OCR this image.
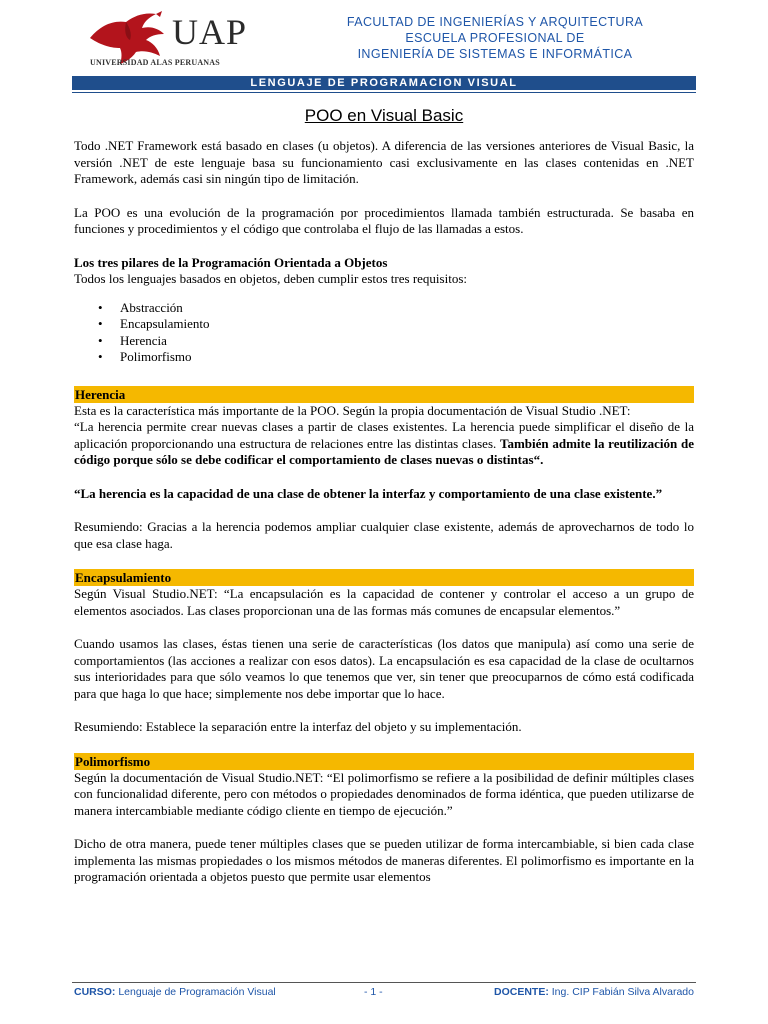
UAP
UNIVERSIDAD ALAS PERUANAS
FACULTAD DE INGENIERÍAS Y ARQUITECTURA
ESCUELA PROFESIONAL DE
INGENIERÍA DE SISTEMAS E INFORMÁTICA
LENGUAJE DE PROGRAMACION VISUAL
POO en Visual Basic

Todo .NET Framework está basado en clases (u objetos). A diferencia de las versiones anteriores de Visual Basic, la versión .NET de este lenguaje basa su funcionamiento casi exclusivamente en las clases contenidas en .NET Framework, además casi sin ningún tipo de limitación.

La POO es una evolución de la programación por procedimientos llamada también estructurada. Se basaba en funciones y procedimientos y el código que controlaba el flujo de las llamadas a estos.

Los tres pilares de la Programación Orientada a Objetos

Todos los lenguajes basados en objetos, deben cumplir estos tres requisitos:

• Abstracción
• Encapsulamiento
• Herencia
• Polimorfismo

Herencia

Esta es la característica más importante de la POO. Según la propia documentación de Visual Studio .NET:

“La herencia permite crear nuevas clases a partir de clases existentes. La herencia puede simplificar el diseño de la aplicación proporcionando una estructura de relaciones entre las distintas clases. También admite la reutilización de código porque sólo se debe codificar el comportamiento de clases nuevas o distintas“.

“La herencia es la capacidad de una clase de obtener la interfaz y comportamiento de una clase existente.”

Resumiendo: Gracias a la herencia podemos ampliar cualquier clase existente, además de aprovecharnos de todo lo que esa clase haga.

Encapsulamiento

Según Visual Studio.NET: “La encapsulación es la capacidad de contener y controlar el acceso a un grupo de elementos asociados. Las clases proporcionan una de las formas más comunes de encapsular elementos.”

Cuando usamos las clases, éstas tienen una serie de características (los datos que manipula) así como una serie de comportamientos (las acciones a realizar con esos datos). La encapsulación es esa capacidad de la clase de ocultarnos sus interioridades para que sólo veamos lo que tenemos que ver, sin tener que preocuparnos de cómo está codificada para que haga lo que hace; simplemente nos debe importar que lo hace.

Resumiendo: Establece la separación entre la interfaz del objeto y su implementación.

Polimorfismo

Según la documentación de Visual Studio.NET: “El polimorfismo se refiere a la posibilidad de definir múltiples clases con funcionalidad diferente, pero con métodos o propiedades denominados de forma idéntica, que pueden utilizarse de manera intercambiable mediante código cliente en tiempo de ejecución.”

Dicho de otra manera, puede tener múltiples clases que se pueden utilizar de forma intercambiable, si bien cada clase implementa las mismas propiedades o los mismos métodos de maneras diferentes. El polimorfismo es importante en la programación orientada a objetos puesto que permite usar elementos

CURSO: Lenguaje de Programación Visual	- 1 -	DOCENTE: Ing. CIP Fabián Silva Alvarado
